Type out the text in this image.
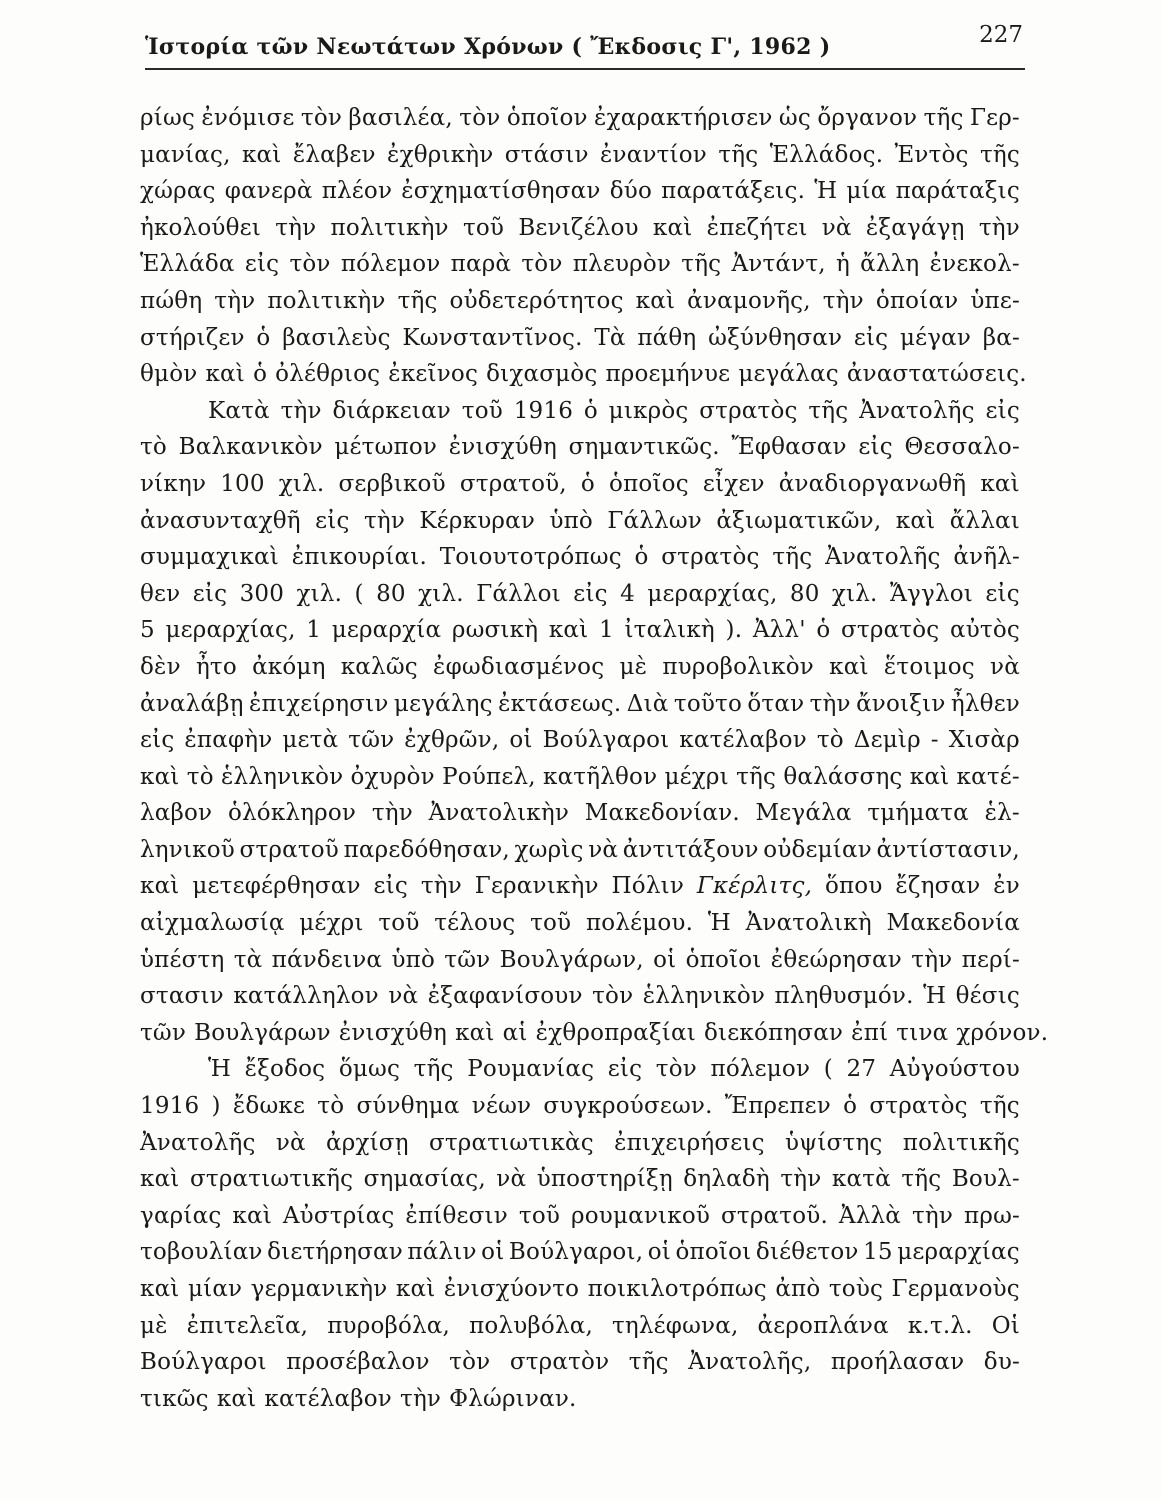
Ἱστορία τῶν Νεωτάτων Χρόνων ( Ἔκδοσις Γ', 1962 )	227
ρίως ἐνόμισε τὸν βασιλέα, τὸν ὁποῖον ἐχαρακτήρισεν ὡς ὄργανον τῆς Γερ-
μανίας, καὶ ἔλαβεν ἐχθρικὴν στάσιν ἐναντίον τῆς Ἑλλάδος. Ἐντὸς τῆς
χώρας φανερὰ πλέον ἐσχηματίσθησαν δύο παρατάξεις. Ἡ μία παράταξις
ἠκολούθει τὴν πολιτικὴν τοῦ Βενιζέλου καὶ ἐπεζήτει νὰ ἐξαγάγῃ τὴν
Ἑλλάδα εἰς τὸν πόλεμον παρὰ τὸν πλευρὸν τῆς Ἀντάντ, ἡ ἄλλη ἐνεκολ-
πώθη τὴν πολιτικὴν τῆς οὐδετερότητος καὶ ἀναμονῆς, τὴν ὁποίαν ὑπε-
στήριζεν ὁ βασιλεὺς Κωνσταντῖνος. Τὰ πάθη ὠξύνθησαν εἰς μέγαν βα-
θμὸν καὶ ὁ ὀλέθριος ἐκεῖνος διχασμὸς προεμήνυε μεγάλας ἀναστατώσεις.
Κατὰ τὴν διάρκειαν τοῦ 1916 ὁ μικρὸς στρατὸς τῆς Ἀνατολῆς εἰς
τὸ Βαλκανικὸν μέτωπον ἐνισχύθη σημαντικῶς. Ἔφθασαν εἰς Θεσσαλο-
νίκην 100 χιλ. σερβικοῦ στρατοῦ, ὁ ὁποῖος εἶχεν ἀναδιοργανωθῆ καὶ
ἀνασυνταχθῆ εἰς τὴν Κέρκυραν ὑπὸ Γάλλων ἀξιωματικῶν, καὶ ἄλλαι
συμμαχικαὶ ἐπικουρίαι. Τοιουτοτρόπως ὁ στρατὸς τῆς Ἀνατολῆς ἀνῆλ-
θεν εἰς 300 χιλ. ( 80 χιλ. Γάλλοι εἰς 4 μεραρχίας, 80 χιλ. Ἄγγλοι εἰς
5 μεραρχίας, 1 μεραρχία ρωσικὴ καὶ 1 ἰταλικὴ ). Ἀλλ' ὁ στρατὸς αὐτὸς
δὲν ἦτο ἀκόμη καλῶς ἐφωδιασμένος μὲ πυροβολικὸν καὶ ἕτοιμος νὰ
ἀναλάβῃ ἐπιχείρησιν μεγάλης ἐκτάσεως. Διὰ τοῦτο ὅταν τὴν ἄνοιξιν ἦλθεν
εἰς ἐπαφὴν μετὰ τῶν ἐχθρῶν, οἱ Βούλγαροι κατέλαβον τὸ Δεμὶρ - Χισὰρ
καὶ τὸ ἑλληνικὸν ὀχυρὸν Ρούπελ, κατῆλθον μέχρι τῆς θαλάσσης καὶ κατέ-
λαβον ὁλόκληρον τὴν Ἀνατολικὴν Μακεδονίαν. Μεγάλα τμήματα ἑλ-
ληνικοῦ στρατοῦ παρεδόθησαν, χωρὶς νὰ ἀντιτάξουν οὐδεμίαν ἀντίστασιν,
καὶ μετεφέρθησαν εἰς τὴν Γερανικὴν Πόλιν Γκέρλιτς, ὅπου ἔζησαν ἐν
αἰχμαλωσίᾳ μέχρι τοῦ τέλους τοῦ πολέμου. Ἡ Ἀνατολικὴ Μακεδονία
ὑπέστη τὰ πάνδεινα ὑπὸ τῶν Βουλγάρων, οἱ ὁποῖοι ἐθεώρησαν τὴν περί-
στασιν κατάλληλον νὰ ἐξαφανίσουν τὸν ἑλληνικὸν πληθυσμόν. Ἡ θέσις
τῶν Βουλγάρων ἐνισχύθη καὶ αἱ ἐχθροπραξίαι διεκόπησαν ἐπί τινα χρόνον.
Ἡ ἔξοδος ὅμως τῆς Ρουμανίας εἰς τὸν πόλεμον ( 27 Αὐγούστου
1916 ) ἔδωκε τὸ σύνθημα νέων συγκρούσεων. Ἔπρεπεν ὁ στρατὸς τῆς
Ἀνατολῆς νὰ ἀρχίσῃ στρατιωτικὰς ἐπιχειρήσεις ὑψίστης πολιτικῆς
καὶ στρατιωτικῆς σημασίας, νὰ ὑποστηρίξῃ δηλαδὴ τὴν κατὰ τῆς Βουλ-
γαρίας καὶ Αὐστρίας ἐπίθεσιν τοῦ ρουμανικοῦ στρατοῦ. Ἀλλὰ τὴν πρω-
τοβουλίαν διετήρησαν πάλιν οἱ Βούλγαροι, οἱ ὁποῖοι διέθετον 15 μεραρχίας
καὶ μίαν γερμανικὴν καὶ ἐνισχύοντο ποικιλοτρόπως ἀπὸ τοὺς Γερμανοὺς
μὲ ἐπιτελεῖα, πυροβόλα, πολυβόλα, τηλέφωνα, ἀεροπλάνα κ.τ.λ. Οἱ
Βούλγαροι προσέβαλον τὸν στρατὸν τῆς Ἀνατολῆς, προήλασαν δυ-
τικῶς καὶ κατέλαβον τὴν Φλώριναν.
